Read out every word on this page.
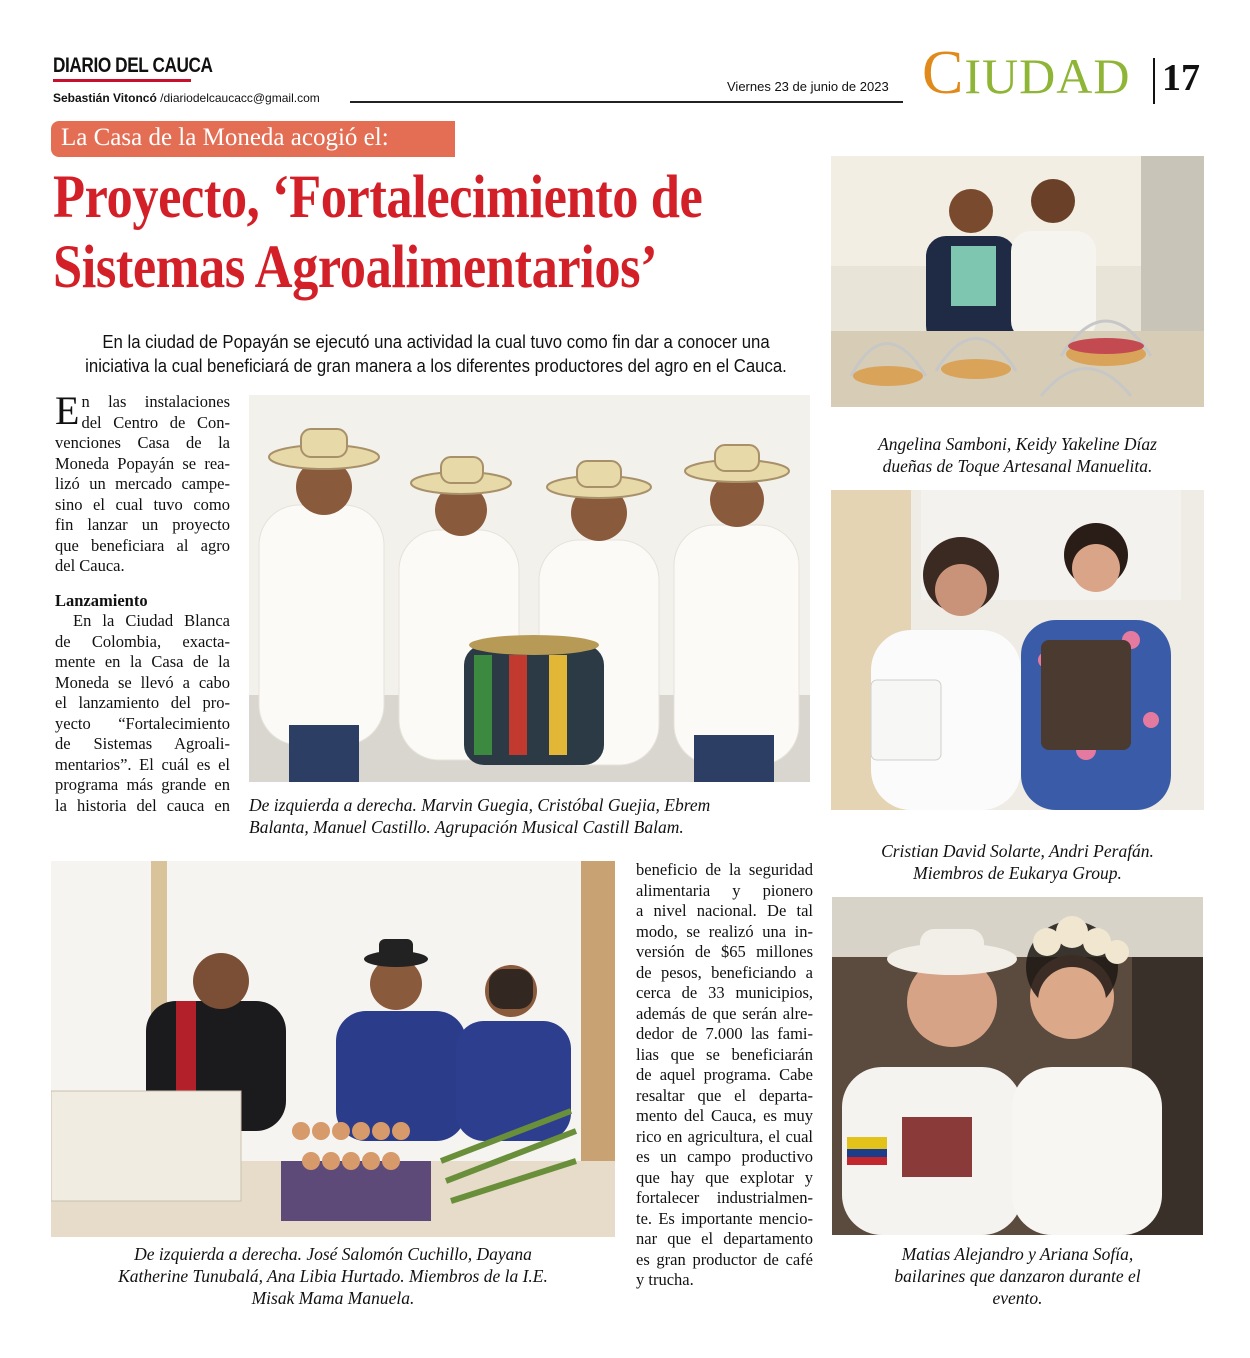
DIARIO DEL CAUCA
Sebastián Vitoncó /diariodelcaucacc@gmail.com
Viernes 23 de junio de 2023 CIUDAD 17
La Casa de la Moneda acogió el:
Proyecto, ‘Fortalecimiento de
Sistemas Agroalimentarios’
En la ciudad de Popayán se ejecutó una actividad la cual tuvo como fin dar a conocer una
iniciativa la cual beneficiará de gran manera a los diferentes productores del agro en el Cauca.
E n las instalaciones
del Centro de Con-
venciones Casa de la
Moneda Popayán se rea-
lizó un mercado campe-
sino el cual tuvo como
fin lanzar un proyecto
que beneficiara al agro
del Cauca.
Lanzamiento
En la Ciudad Blanca
de Colombia, exacta-
mente en la Casa de la
Moneda se llevó a cabo
el lanzamiento del pro-
yecto “Fortalecimiento
de Sistemas Agroali-
mentarios”. El cuál es el
programa más grande en
la historia del cauca en
beneficio de la seguridad
alimentaria y pionero
a nivel nacional. De tal
modo, se realizó una in-
versión de $65 millones
de pesos, beneficiando a
cerca de 33 municipios,
además de que serán alre-
dedor de 7.000 las fami-
lias que se beneficiarán
de aquel programa. Cabe
resaltar que el departa-
mento del Cauca, es muy
rico en agricultura, el cual
es un campo productivo
que hay que explotar y
fortalecer industrialmen-
te. Es importante mencio-
nar que el departamento
es gran productor de café
y trucha.
De izquierda a derecha. Marvin Guegia, Cristóbal Guejia, Ebrem
Balanta, Manuel Castillo. Agrupación Musical Castill Balam.
Angelina Samboni, Keidy Yakeline Díaz
dueñas de Toque Artesanal Manuelita.
Cristian David Solarte, Andri Perafán.
Miembros de Eukarya Group.
De izquierda a derecha. José Salomón Cuchillo, Dayana
Katherine Tunubalá, Ana Libia Hurtado. Miembros de la I.E.
Misak Mama Manuela.
Matias Alejandro y Ariana Sofía,
bailarines que danzaron durante el
evento.
